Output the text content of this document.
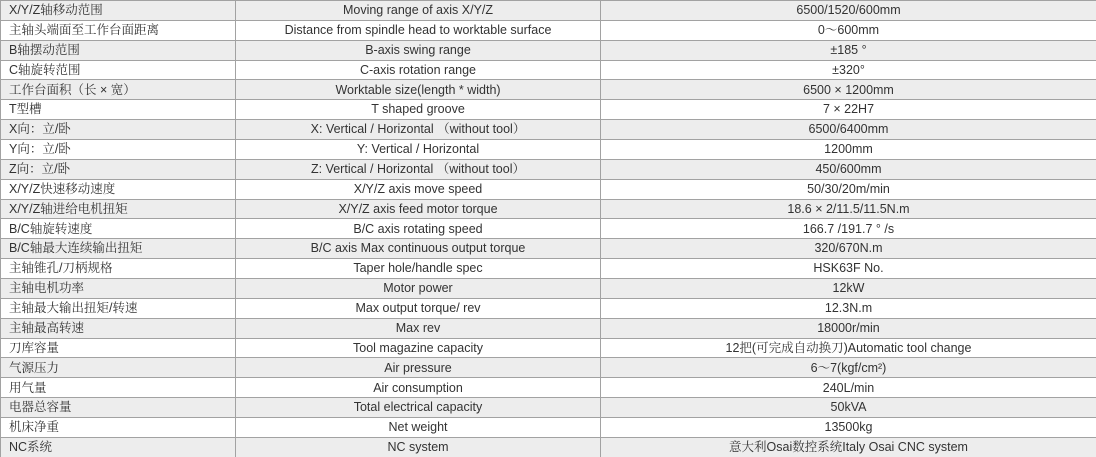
X/Y/Z轴移动范围	Moving range of axis X/Y/Z	6500/1520/600mm
主轴头端面至工作台面距离	Distance from spindle head to worktable surface	0～600mm
B轴摆动范围	B-axis swing range	±185 °
C轴旋转范围	C-axis rotation range	±320°
工作台面积（长 × 宽）	Worktable size(length * width)	6500 × 1200mm
T型槽	T shaped groove	7 × 22H7
X向：立/卧	X: Vertical / Horizontal （without tool）	6500/6400mm
Y向：立/卧	Y: Vertical / Horizontal	1200mm
Z向：立/卧	Z: Vertical / Horizontal （without tool）	450/600mm
X/Y/Z快速移动速度	X/Y/Z axis move speed	50/30/20m/min
X/Y/Z轴进给电机扭矩	X/Y/Z axis feed motor torque	18.6 × 2/11.5/11.5N.m
B/C轴旋转速度	B/C axis rotating speed	166.7 /191.7 ° /s
B/C轴最大连续输出扭矩	B/C axis Max continuous output torque	320/670N.m
主轴锥孔/刀柄规格	Taper hole/handle spec	HSK63F No.
主轴电机功率	Motor power	12kW
主轴最大输出扭矩/转速	Max output torque/ rev	12.3N.m
主轴最高转速	Max rev	18000r/min
刀库容量	Tool magazine capacity	12把(可完成自动换刀)Automatic tool change
气源压力	Air pressure	6～7(kgf/cm²)
用气量	Air consumption	240L/min
电器总容量	Total electrical capacity	50kVA
机床净重	Net weight	13500kg
NC系统	NC system	意大利Osai数控系统Italy Osai CNC system
